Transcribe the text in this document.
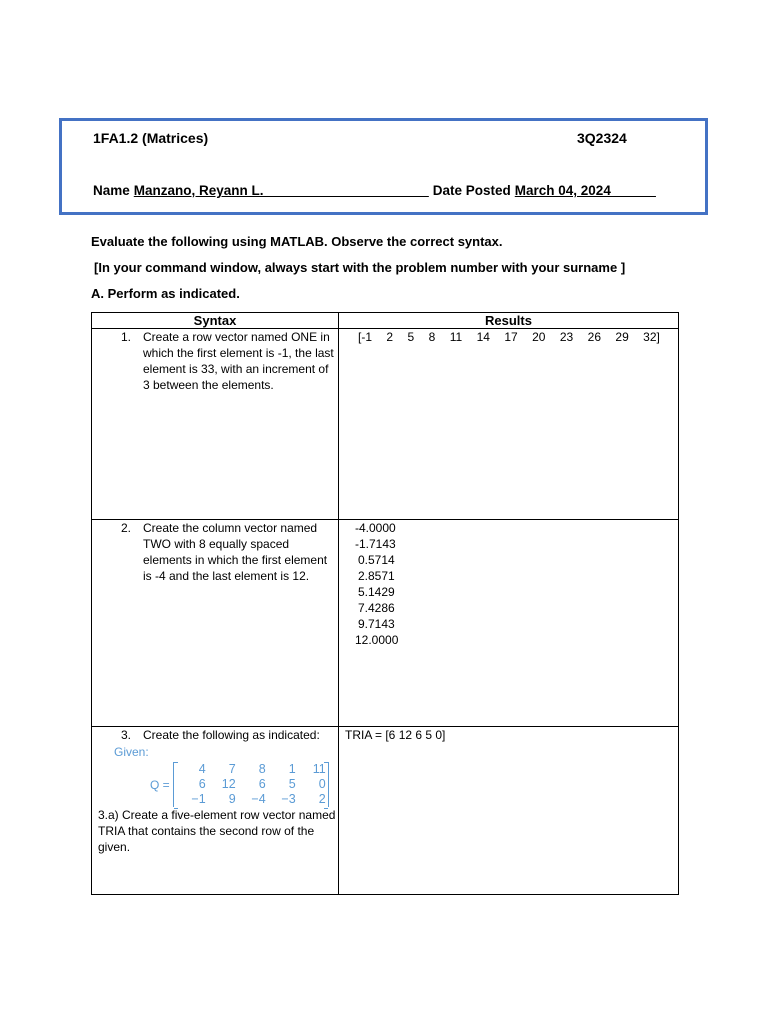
1FA1.2 (Matrices)	3Q2324
Name Manzano, Reyann L.______________________ Date Posted March 04, 2024______
Evaluate the following using MATLAB. Observe the correct syntax.
[In your command window, always start with the problem number with your surname ]
A. Perform as indicated.
Syntax	Results

1. Create a row vector named ONE in which the first element is -1, the last element is 33, with an increment of 3 between the elements.

[-1 2 5 8 11 14 17 20 23 26 29 32]

2. Create the column vector named TWO with 8 equally spaced elements in which the first element is -4 and the last element is 12.

-4.0000
-1.7143
0.5714
2.8571
5.1429
7.4286
9.7143
12.0000

3. Create the following as indicated:
Given:
Q =
4	7	8	1	11
6	12	6	5	0
−1	9	−4	−3	2
3.a) Create a five-element row vector named TRIA that contains the second row of the given.

TRIA = [6 12 6 5 0]
